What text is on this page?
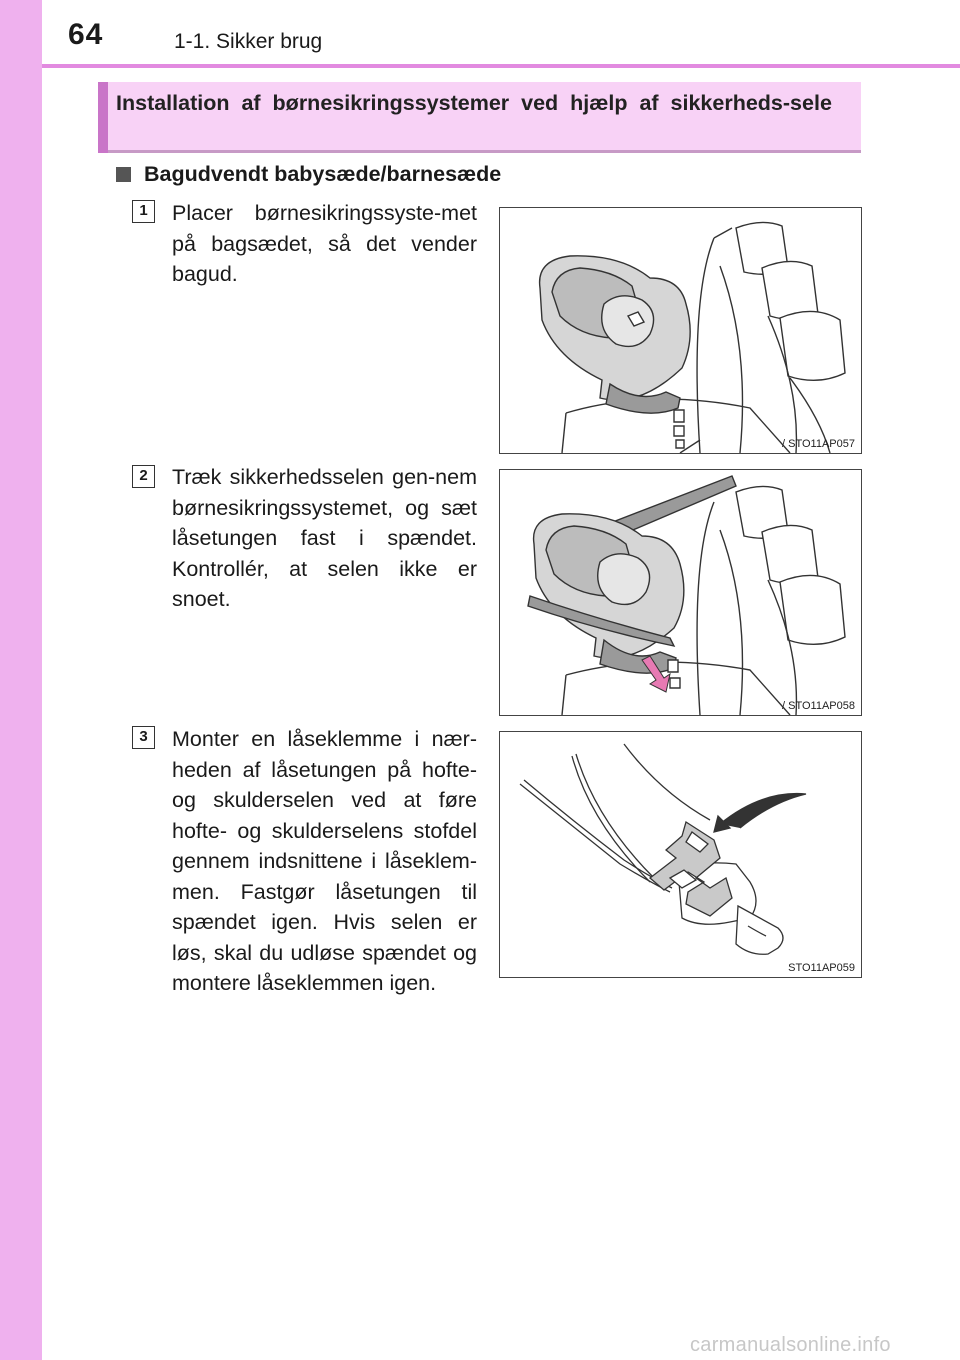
64	1-1. Sikker brug
Installation af børnesikringssystemer ved hjælp af sikkerheds-sele
Bagudvendt babysæde/barnesæde
1	Placer børnesikringssyste-met på bagsædet, så det vender bagud.
/ STO11AP057
2	Træk sikkerhedsselen gen-nem børnesikringssystemet, og sæt låsetungen fast i spændet. Kontrollér, at selen ikke er snoet.
/ STO11AP058
3	Monter en låseklemme i nær-heden af låsetungen på hofte- og skulderselen ved at føre hofte- og skulderselens stofdel gennem indsnittene i låseklem-men. Fastgør låsetungen til spændet igen. Hvis selen er løs, skal du udløse spændet og montere låseklemmen igen.
STO11AP059
carmanualsonline.info
